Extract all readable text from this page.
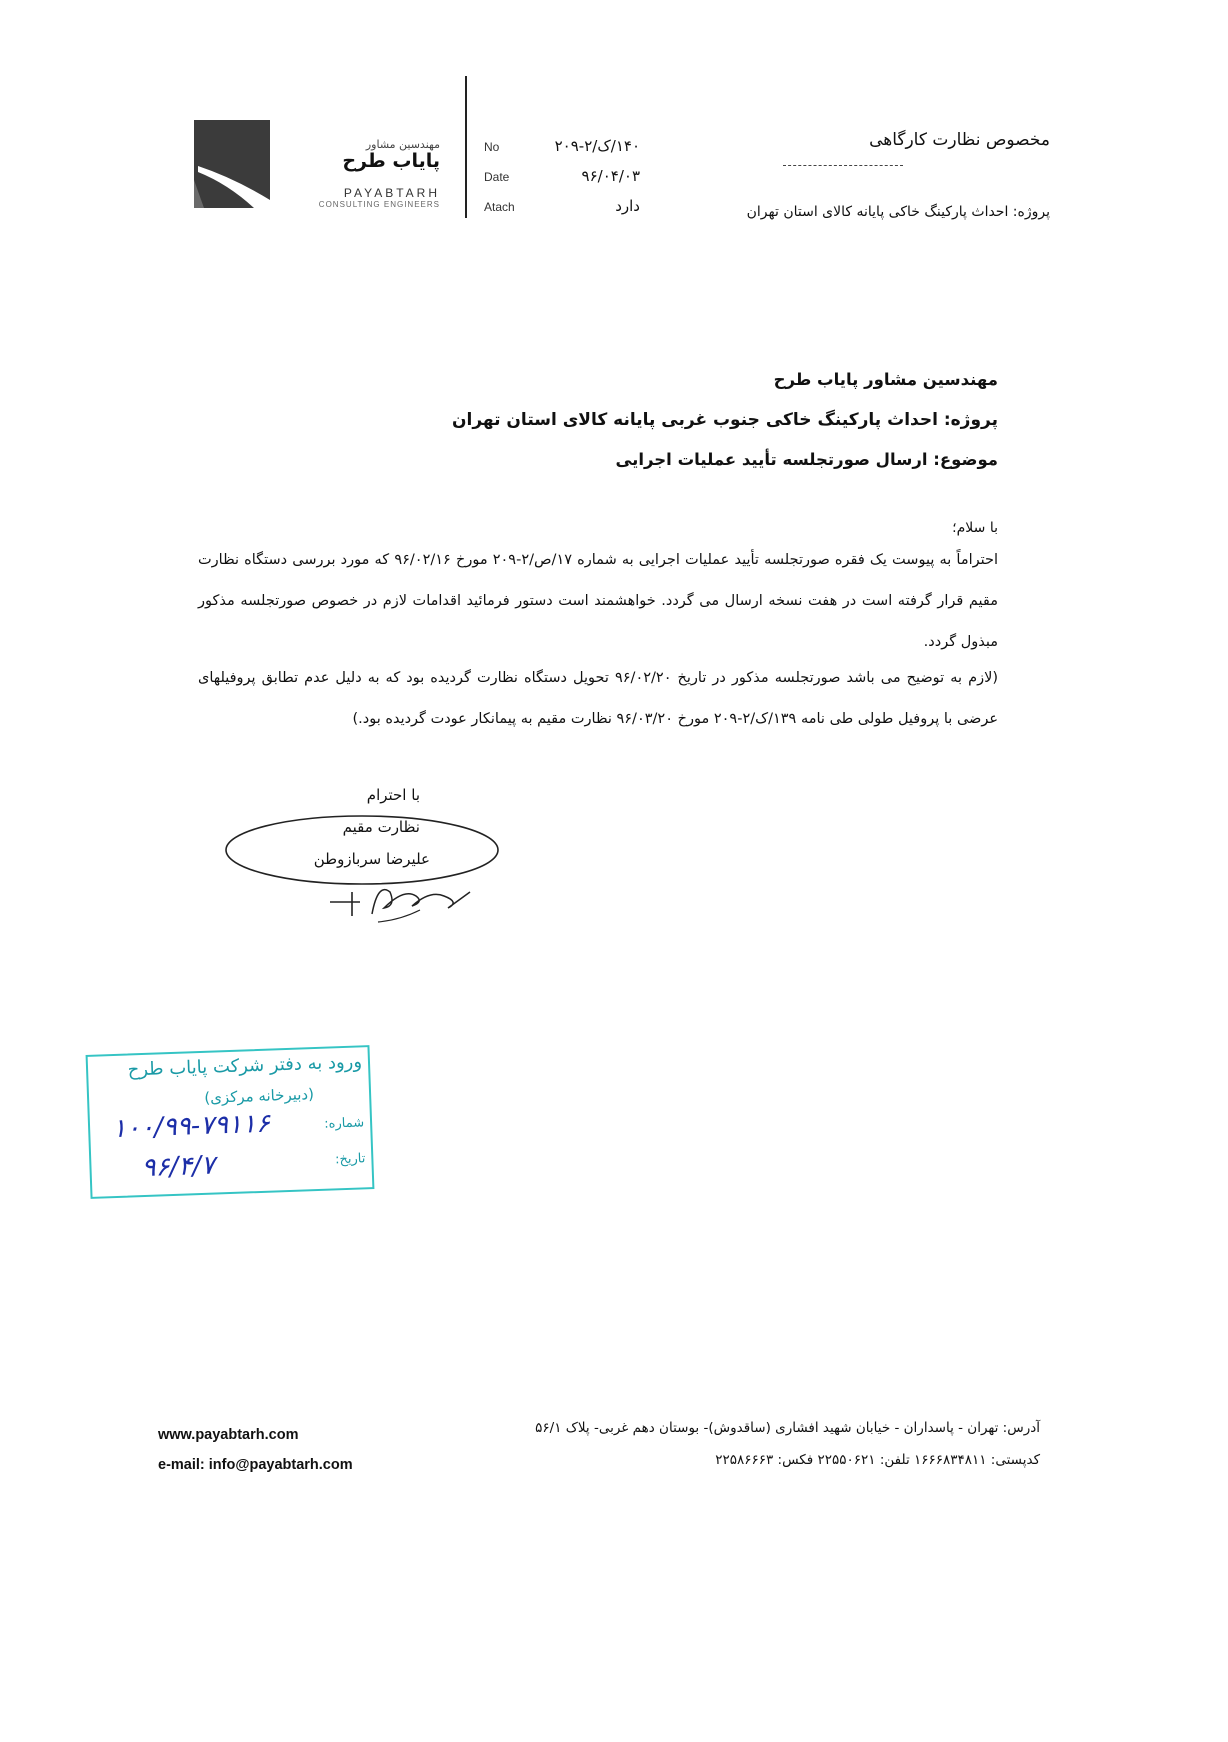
مهندسین مشاور
پایاب طرح
PAYABTARH
CONSULTING ENGINEERS
No	۱۴۰/ک/۲-۲۰۹
Date	۹۶/۰۴/۰۳
Atach	دارد
مخصوص نظارت کارگاهی
پروژه: احداث پارکینگ خاکی پایانه کالای استان تهران
مهندسین مشاور پایاب طرح
پروژه: احداث پارکینگ خاکی جنوب غربی پایانه کالای استان تهران
موضوع: ارسال صورتجلسه تأیید عملیات اجرایی
با سلام؛

احتراماً به پیوست یک فقره صورتجلسه تأیید عملیات اجرایی به شماره ۱۷/ص/۲-۲۰۹ مورخ ۹۶/۰۲/۱۶ که مورد بررسی دستگاه نظارت مقیم قرار گرفته است در هفت نسخه ارسال می گردد. خواهشمند است دستور فرمائید اقدامات لازم در خصوص صورتجلسه مذکور مبذول گردد.

(لازم به توضیح می باشد صورتجلسه مذکور در تاریخ ۹۶/۰۲/۲۰ تحویل دستگاه نظارت گردیده بود که به دلیل عدم تطابق پروفیلهای عرضی با پروفیل طولی طی نامه ۱۳۹/ک/۲-۲۰۹ مورخ ۹۶/۰۳/۲۰ نظارت مقیم به پیمانکار عودت گردیده بود.)

با احترام
نظارت مقیم
علیرضا سربازوطن
ورود به دفتر شرکت پایاب طرح
(دبیرخانه مرکزی)
شماره:
۱۰۰/۹۹-۷۹۱۱۶
تاریخ:
۹۶/۴/۷
www.payabtarh.com
e-mail: info@payabtarh.com
آدرس: تهران - پاسداران - خیابان شهید افشاری (ساقدوش)- بوستان دهم غربی- پلاک ۵۶/۱
کدپستی: ۱۶۶۶۸۳۴۸۱۱ تلفن: ۲۲۵۵۰۶۲۱ فکس: ۲۲۵۸۶۶۶۳
